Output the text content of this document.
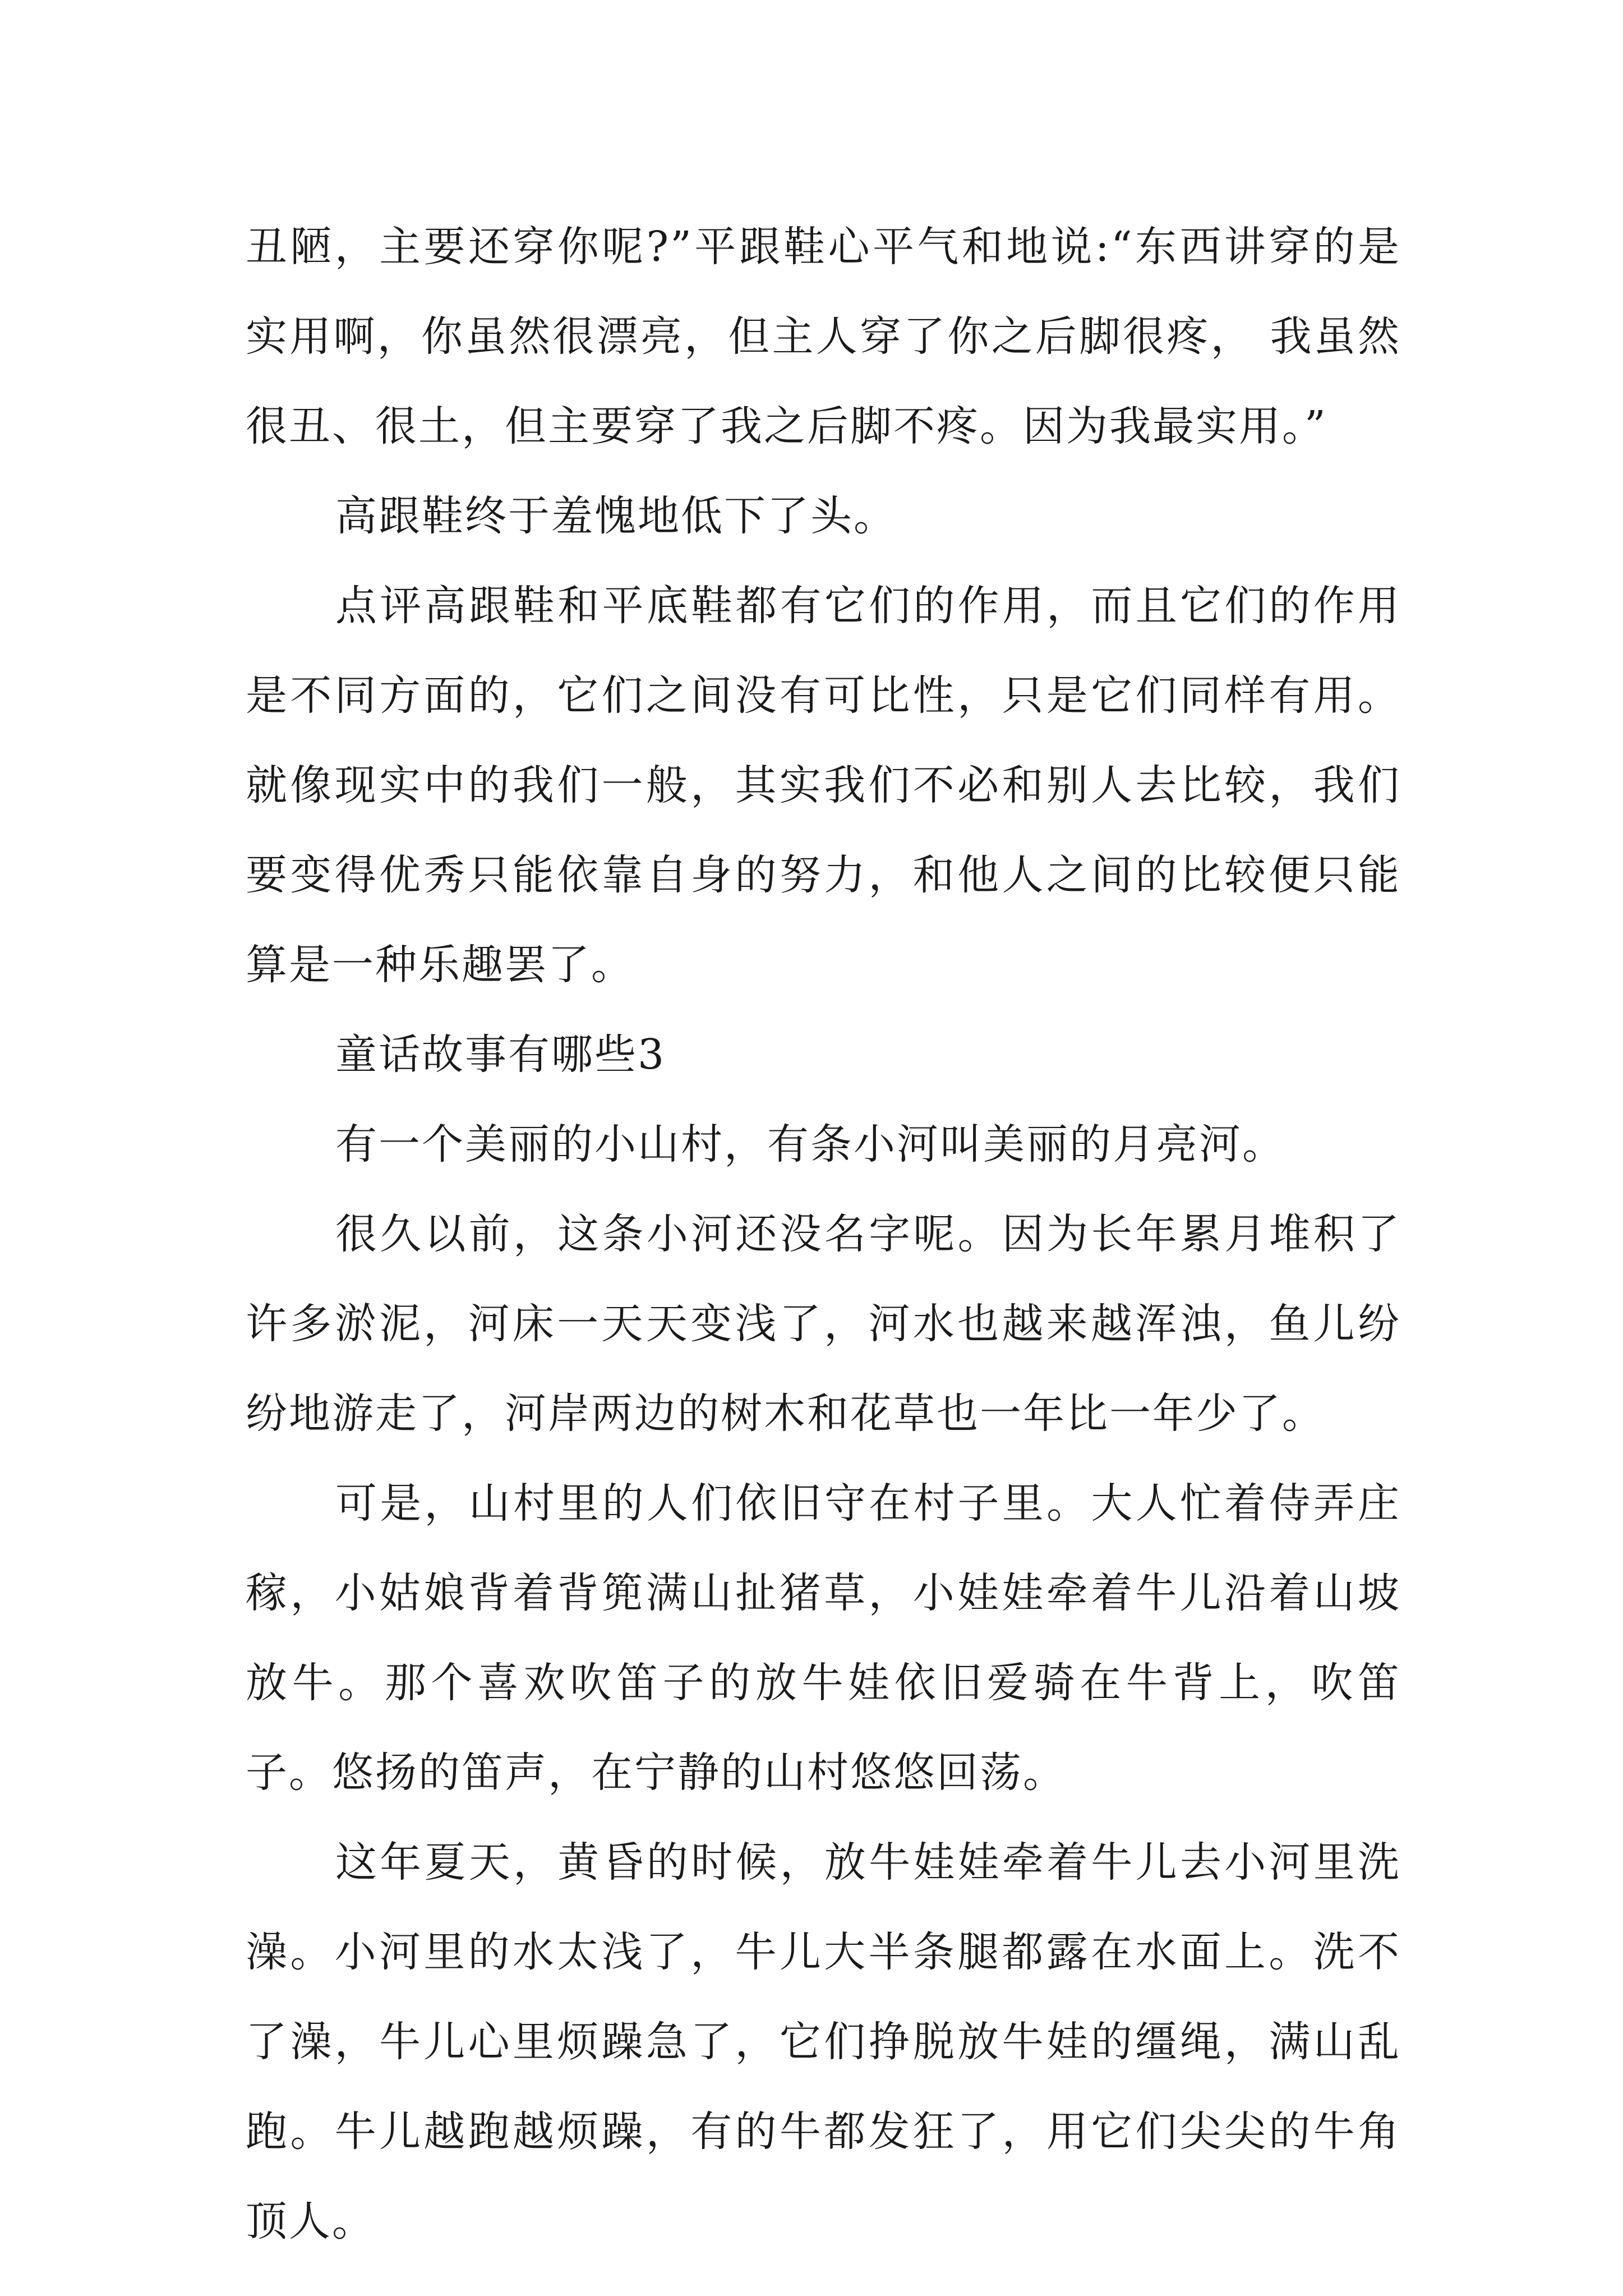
丑陋，主要还穿你呢?”平跟鞋心平气和地说:“东西讲穿的是实用啊，你虽然很漂亮，但主人穿了你之后脚很疼， 我虽然很丑、很土，但主要穿了我之后脚不疼。因为我最实用。”

高跟鞋终于羞愧地低下了头。

点评高跟鞋和平底鞋都有它们的作用，而且它们的作用是不同方面的，它们之间没有可比性，只是它们同样有用。就像现实中的我们一般，其实我们不必和别人去比较，我们要变得优秀只能依靠自身的努力，和他人之间的比较便只能算是一种乐趣罢了。

童话故事有哪些3

有一个美丽的小山村，有条小河叫美丽的月亮河。

很久以前，这条小河还没名字呢。因为长年累月堆积了许多淤泥，河床一天天变浅了，河水也越来越浑浊，鱼儿纷纷地游走了，河岸两边的树木和花草也一年比一年少了。

可是，山村里的人们依旧守在村子里。大人忙着侍弄庄稼，小姑娘背着背篼满山扯猪草，小娃娃牵着牛儿沿着山坡放牛。那个喜欢吹笛子的放牛娃依旧爱骑在牛背上，吹笛子。悠扬的笛声，在宁静的山村悠悠回荡。

这年夏天，黄昏的时候，放牛娃娃牵着牛儿去小河里洗澡。小河里的水太浅了，牛儿大半条腿都露在水面上。洗不了澡，牛儿心里烦躁急了，它们挣脱放牛娃的缰绳，满山乱跑。牛儿越跑越烦躁，有的牛都发狂了，用它们尖尖的牛角顶人。
